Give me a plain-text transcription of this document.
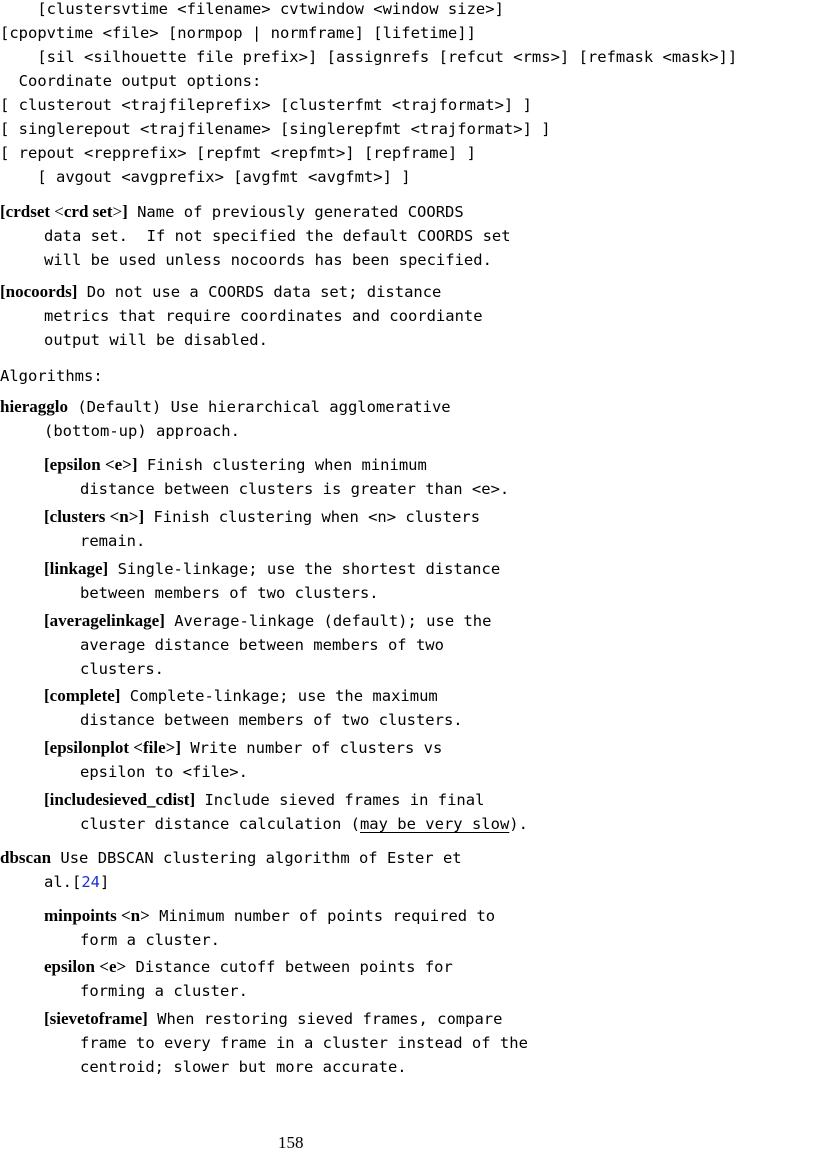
[clustersvtime <filename> cvtwindow <window size>]
[cpopvtime <file> [normpop | normframe] [lifetime]]
[sil <silhouette file prefix>] [assignrefs [refcut <rms>] [refmask <mask>]]
Coordinate output options:
[ clusterout <trajfileprefix> [clusterfmt <trajformat>] ]
[ singlerepout <trajfilename> [singlerepfmt <trajformat>] ]
[ repout <repprefix> [repfmt <repfmt>] [repframe] ]
[ avgout <avgprefix> [avgfmt <avgfmt>] ]
[crdset <crd set>] Name of previously generated COORDS
data set.  If not specified the default COORDS set
will be used unless nocoords has been specified.
[nocoords] Do not use a COORDS data set; distance
metrics that require coordinates and coordiante
output will be disabled.
Algorithms:
hieragglo (Default) Use hierarchical agglomerative
(bottom-up) approach.
[epsilon <e>] Finish clustering when minimum
distance between clusters is greater than <e>.
[clusters <n>] Finish clustering when <n> clusters
remain.
[linkage] Single-linkage; use the shortest distance
between members of two clusters.
[averagelinkage] Average-linkage (default); use the
average distance between members of two
clusters.
[complete] Complete-linkage; use the maximum
distance between members of two clusters.
[epsilonplot <file>] Write number of clusters vs
epsilon to <file>.
[includesieved_cdist] Include sieved frames in final
cluster distance calculation (may be very slow).
dbscan Use DBSCAN clustering algorithm of Ester et
al.[24]
minpoints <n> Minimum number of points required to
form a cluster.
epsilon <e> Distance cutoff between points for
forming a cluster.
[sievetoframe] When restoring sieved frames, compare
frame to every frame in a cluster instead of the
centroid; slower but more accurate.
158
